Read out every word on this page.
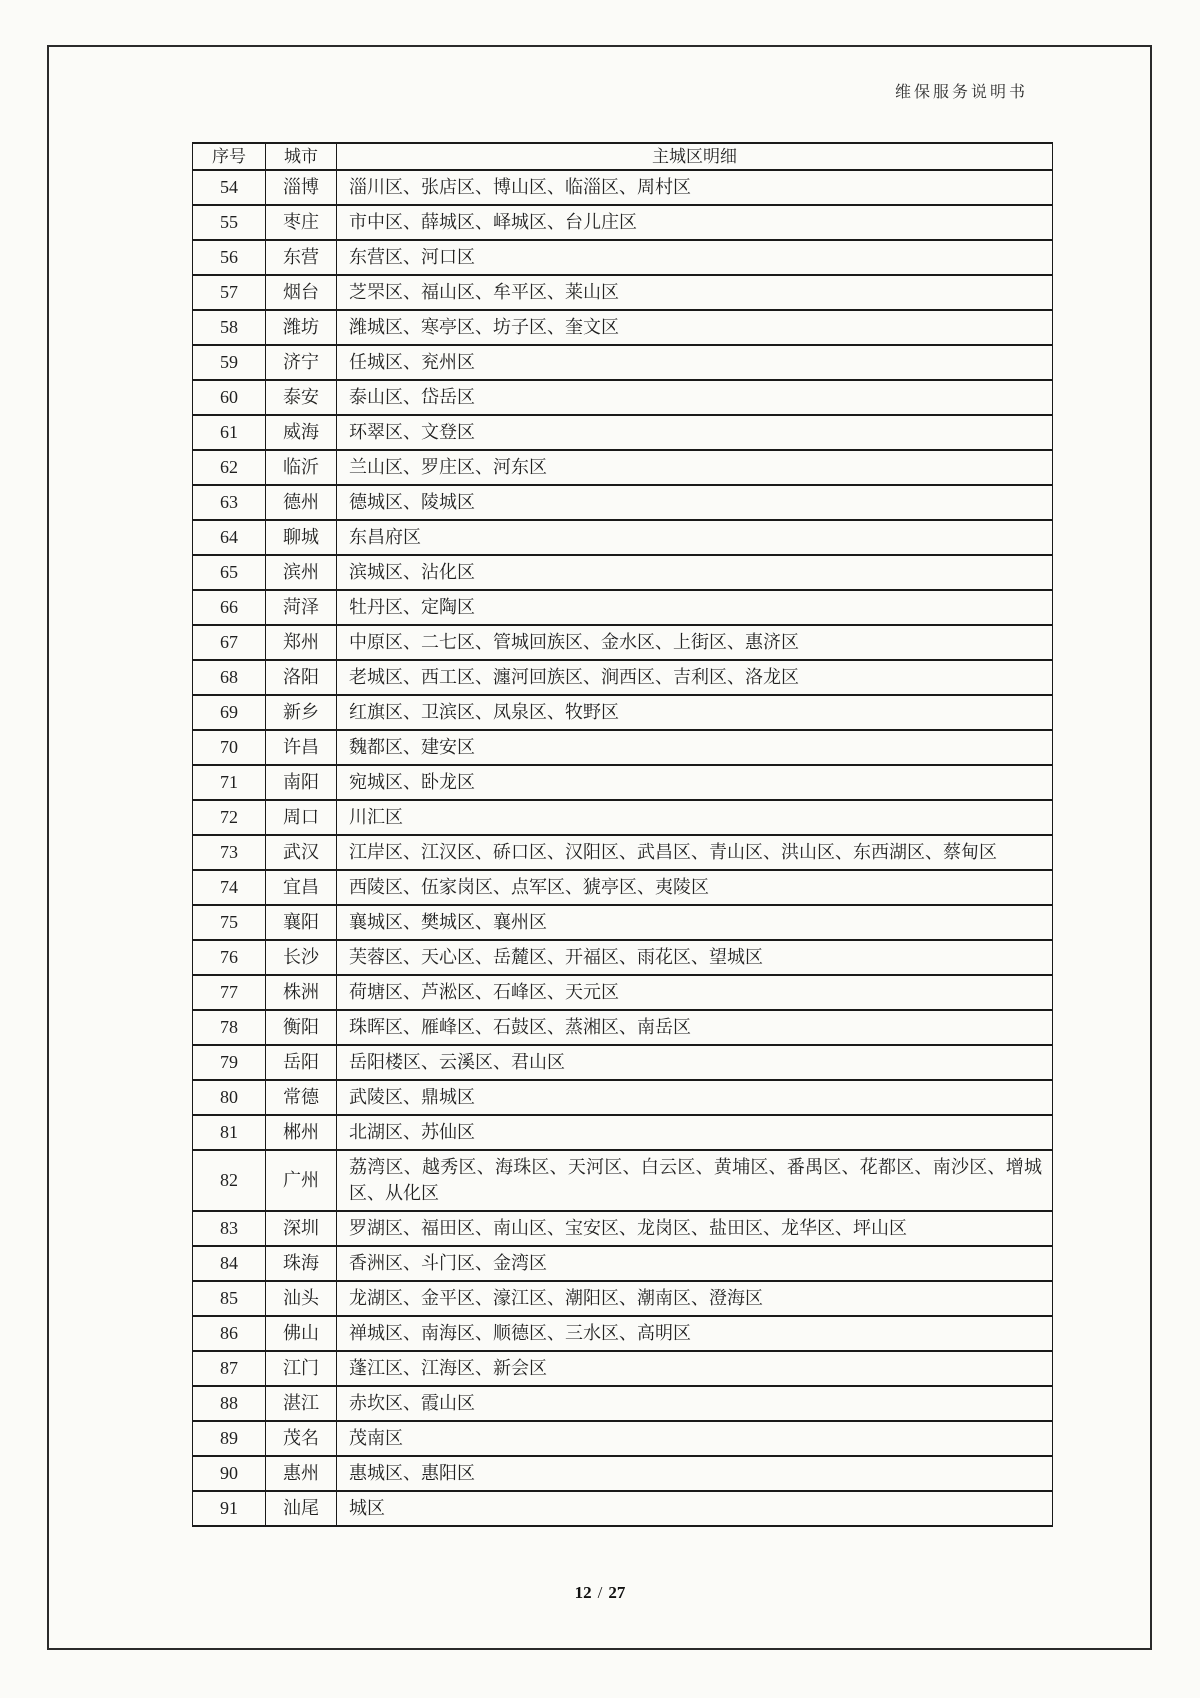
维保服务说明书
序号	城市	主城区明细
54	淄博	淄川区、张店区、博山区、临淄区、周村区
55	枣庄	市中区、薛城区、峄城区、台儿庄区
56	东营	东营区、河口区
57	烟台	芝罘区、福山区、牟平区、莱山区
58	潍坊	潍城区、寒亭区、坊子区、奎文区
59	济宁	任城区、兖州区
60	泰安	泰山区、岱岳区
61	威海	环翠区、文登区
62	临沂	兰山区、罗庄区、河东区
63	德州	德城区、陵城区
64	聊城	东昌府区
65	滨州	滨城区、沾化区
66	菏泽	牡丹区、定陶区
67	郑州	中原区、二七区、管城回族区、金水区、上街区、惠济区
68	洛阳	老城区、西工区、瀍河回族区、涧西区、吉利区、洛龙区
69	新乡	红旗区、卫滨区、凤泉区、牧野区
70	许昌	魏都区、建安区
71	南阳	宛城区、卧龙区
72	周口	川汇区
73	武汉	江岸区、江汉区、硚口区、汉阳区、武昌区、青山区、洪山区、东西湖区、蔡甸区
74	宜昌	西陵区、伍家岗区、点军区、猇亭区、夷陵区
75	襄阳	襄城区、樊城区、襄州区
76	长沙	芙蓉区、天心区、岳麓区、开福区、雨花区、望城区
77	株洲	荷塘区、芦淞区、石峰区、天元区
78	衡阳	珠晖区、雁峰区、石鼓区、蒸湘区、南岳区
79	岳阳	岳阳楼区、云溪区、君山区
80	常德	武陵区、鼎城区
81	郴州	北湖区、苏仙区
82	广州	荔湾区、越秀区、海珠区、天河区、白云区、黄埔区、番禺区、花都区、南沙区、增城区、从化区
83	深圳	罗湖区、福田区、南山区、宝安区、龙岗区、盐田区、龙华区、坪山区
84	珠海	香洲区、斗门区、金湾区
85	汕头	龙湖区、金平区、濠江区、潮阳区、潮南区、澄海区
86	佛山	禅城区、南海区、顺德区、三水区、高明区
87	江门	蓬江区、江海区、新会区
88	湛江	赤坎区、霞山区
89	茂名	茂南区
90	惠州	惠城区、惠阳区
91	汕尾	城区
12 / 27
